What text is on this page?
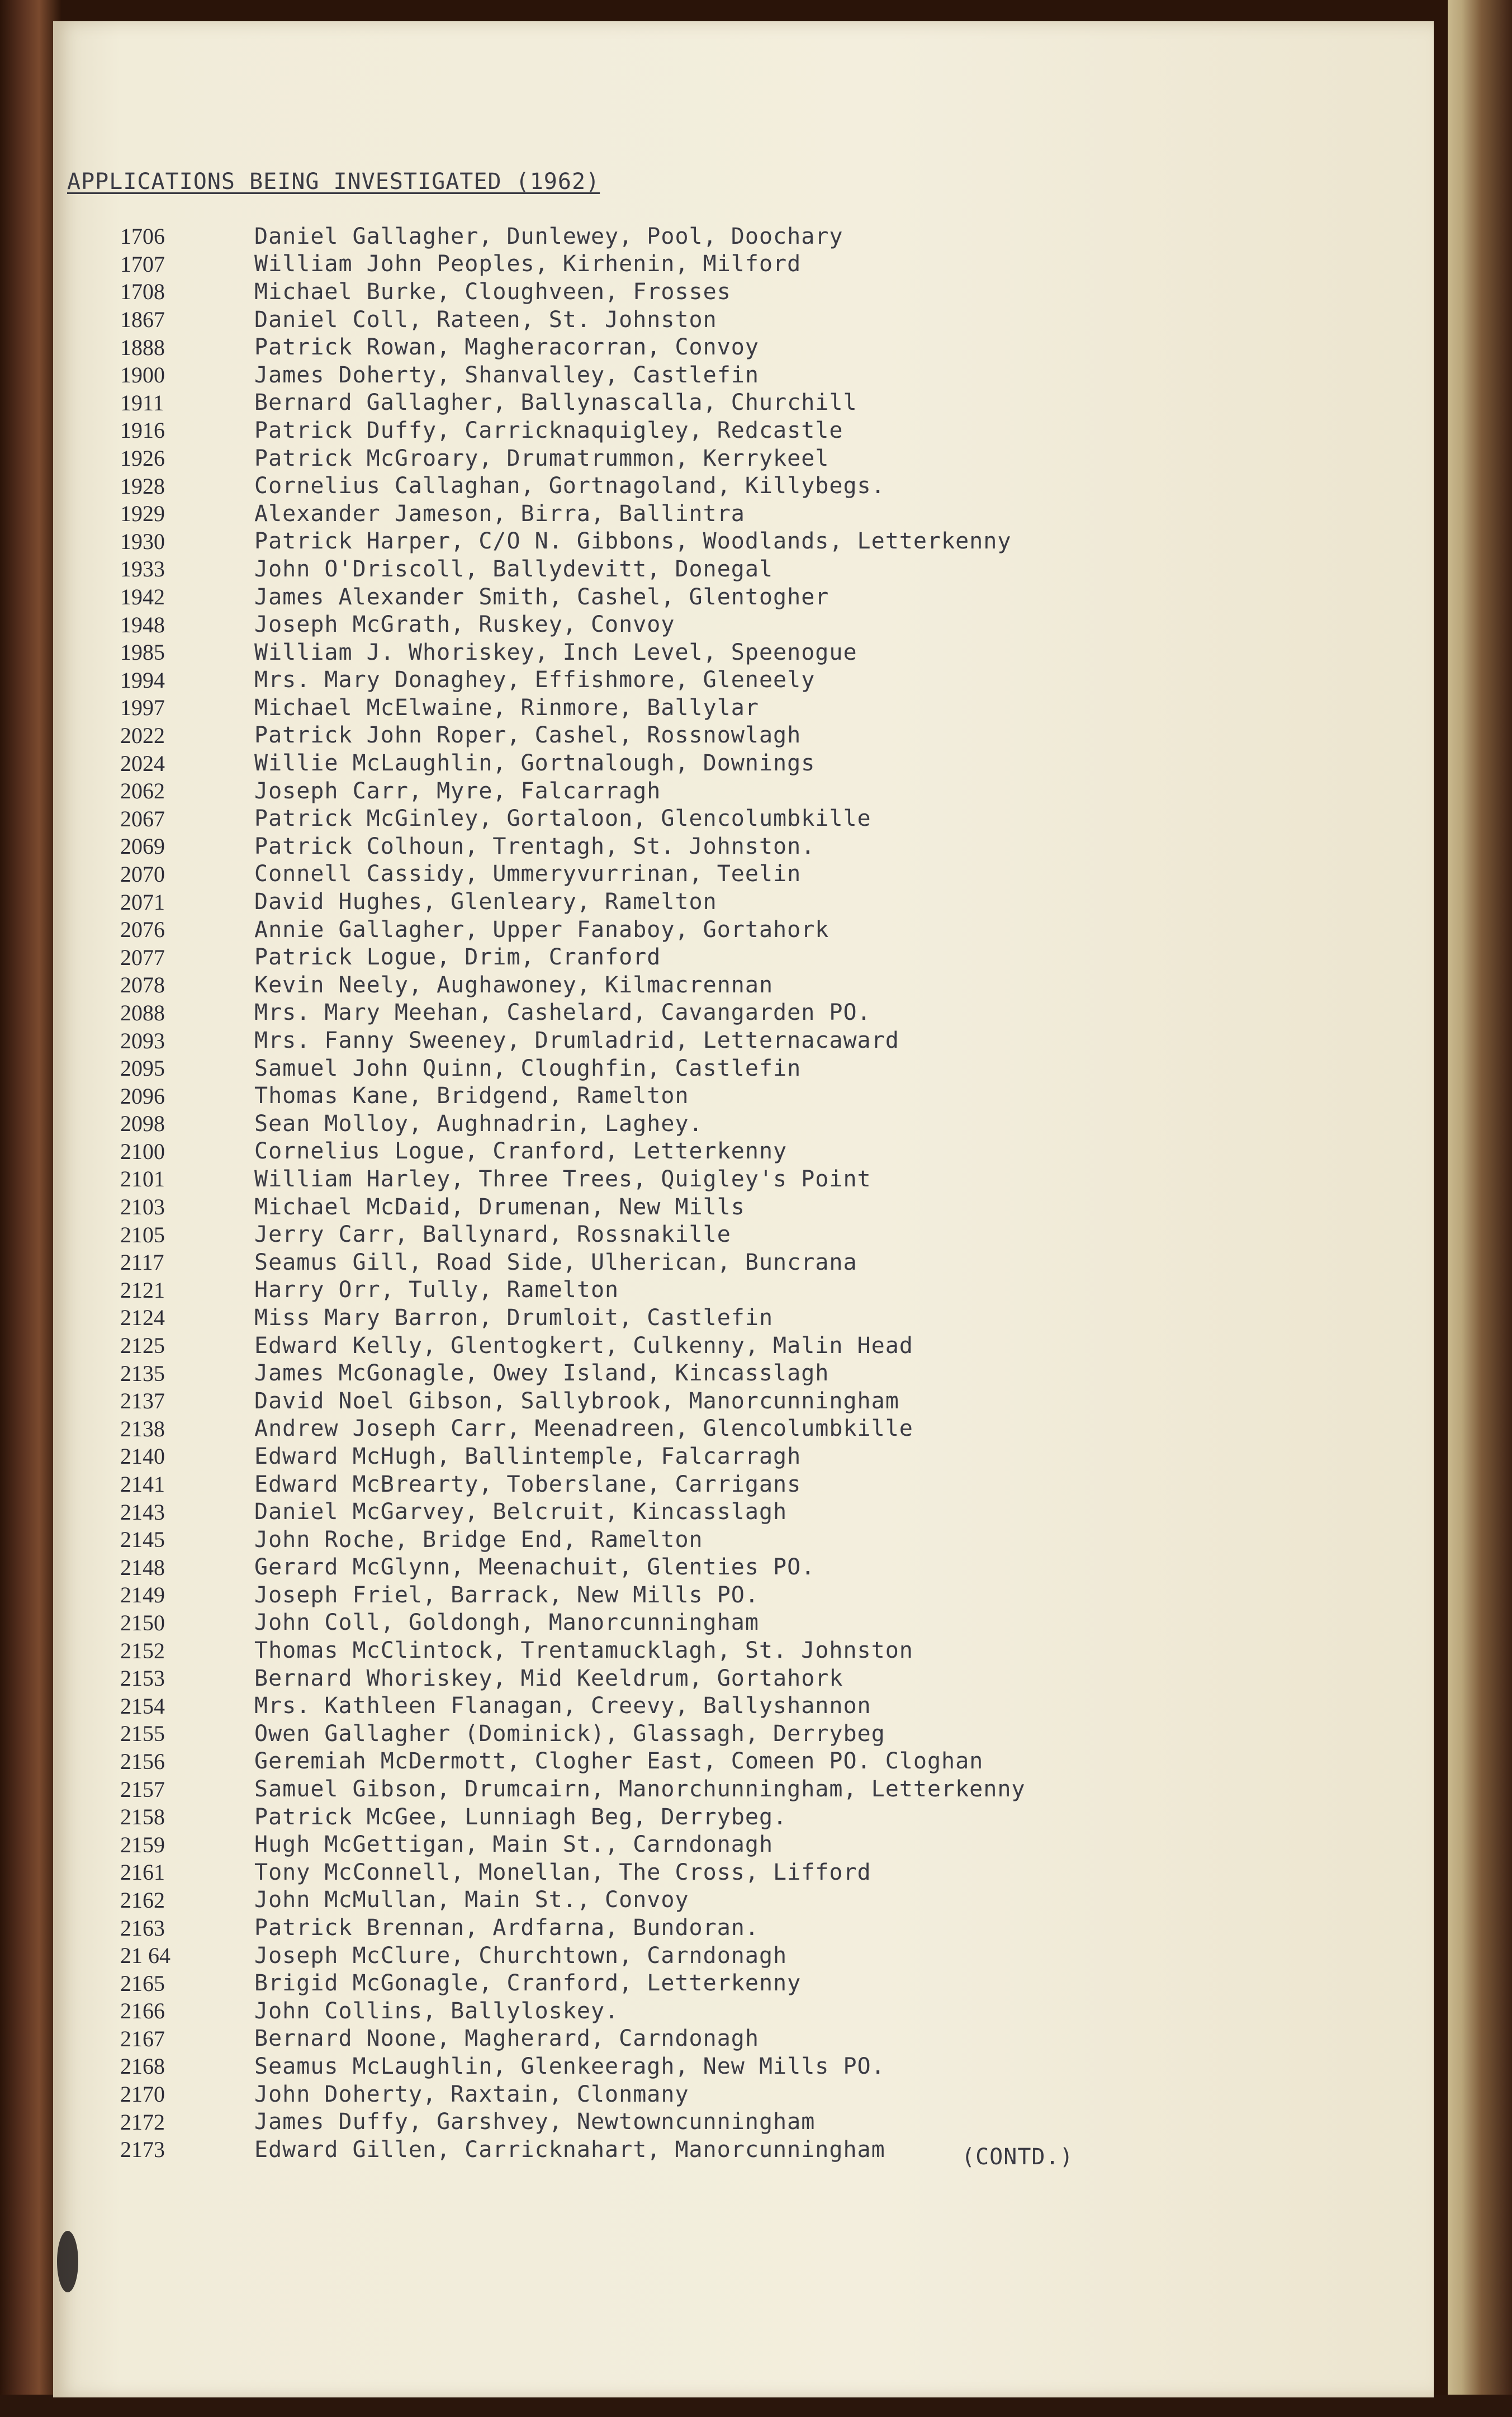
APPLICATIONS BEING INVESTIGATED (1962)
1706	Daniel Gallagher, Dunlewey, Pool, Doochary
1707	William John Peoples, Kirhenin, Milford
1708	Michael Burke, Cloughveen, Frosses
1867	Daniel Coll, Rateen, St. Johnston
1888	Patrick Rowan, Magheracorran, Convoy
1900	James Doherty, Shanvalley, Castlefin
1911	Bernard Gallagher, Ballynascalla, Churchill
1916	Patrick Duffy, Carricknaquigley, Redcastle
1926	Patrick McGroary, Drumatrummon, Kerrykeel
1928	Cornelius Callaghan, Gortnagoland, Killybegs.
1929	Alexander Jameson, Birra, Ballintra
1930	Patrick Harper, C/O N. Gibbons, Woodlands, Letterkenny
1933	John O'Driscoll, Ballydevitt, Donegal
1942	James Alexander Smith, Cashel, Glentogher
1948	Joseph McGrath, Ruskey, Convoy
1985	William J. Whoriskey, Inch Level, Speenogue
1994	Mrs. Mary Donaghey, Effishmore, Gleneely
1997	Michael McElwaine, Rinmore, Ballylar
2022	Patrick John Roper, Cashel, Rossnowlagh
2024	Willie McLaughlin, Gortnalough, Downings
2062	Joseph Carr, Myre, Falcarragh
2067	Patrick McGinley, Gortaloon, Glencolumbkille
2069	Patrick Colhoun, Trentagh, St. Johnston.
2070	Connell Cassidy, Ummeryvurrinan, Teelin
2071	David Hughes, Glenleary, Ramelton
2076	Annie Gallagher, Upper Fanaboy, Gortahork
2077	Patrick Logue, Drim, Cranford
2078	Kevin Neely, Aughawoney, Kilmacrennan
2088	Mrs. Mary Meehan, Cashelard, Cavangarden PO.
2093	Mrs. Fanny Sweeney, Drumladrid, Letternacaward
2095	Samuel John Quinn, Cloughfin, Castlefin
2096	Thomas Kane, Bridgend, Ramelton
2098	Sean Molloy, Aughnadrin, Laghey.
2100	Cornelius Logue, Cranford, Letterkenny
2101	William Harley, Three Trees, Quigley's Point
2103	Michael McDaid, Drumenan, New Mills
2105	Jerry Carr, Ballynard, Rossnakille
2117	Seamus Gill, Road Side, Ulherican, Buncrana
2121	Harry Orr, Tully, Ramelton
2124	Miss Mary Barron, Drumloit, Castlefin
2125	Edward Kelly, Glentogkert, Culkenny, Malin Head
2135	James McGonagle, Owey Island, Kincasslagh
2137	David Noel Gibson, Sallybrook, Manorcunningham
2138	Andrew Joseph Carr, Meenadreen, Glencolumbkille
2140	Edward McHugh, Ballintemple, Falcarragh
2141	Edward McBrearty, Toberslane, Carrigans
2143	Daniel McGarvey, Belcruit, Kincasslagh
2145	John Roche, Bridge End, Ramelton
2148	Gerard McGlynn, Meenachuit, Glenties PO.
2149	Joseph Friel, Barrack, New Mills PO.
2150	John Coll, Goldongh, Manorcunningham
2152	Thomas McClintock, Trentamucklagh, St. Johnston
2153	Bernard Whoriskey, Mid Keeldrum, Gortahork
2154	Mrs. Kathleen Flanagan, Creevy, Ballyshannon
2155	Owen Gallagher (Dominick), Glassagh, Derrybeg
2156	Geremiah McDermott, Clogher East, Comeen PO. Cloghan
2157	Samuel Gibson, Drumcairn, Manorchunningham, Letterkenny
2158	Patrick McGee, Lunniagh Beg, Derrybeg.
2159	Hugh McGettigan, Main St., Carndonagh
2161	Tony McConnell, Monellan, The Cross, Lifford
2162	John McMullan, Main St., Convoy
2163	Patrick Brennan, Ardfarna, Bundoran.
21 64	Joseph McClure, Churchtown, Carndonagh
2165	Brigid McGonagle, Cranford, Letterkenny
2166	John Collins, Ballyloskey.
2167	Bernard Noone, Magherard, Carndonagh
2168	Seamus McLaughlin, Glenkeeragh, New Mills PO.
2170	John Doherty, Raxtain, Clonmany
2172	James Duffy, Garshvey, Newtowncunningham
2173	Edward Gillen, Carricknahart, Manorcunningham	(CONTD.)
